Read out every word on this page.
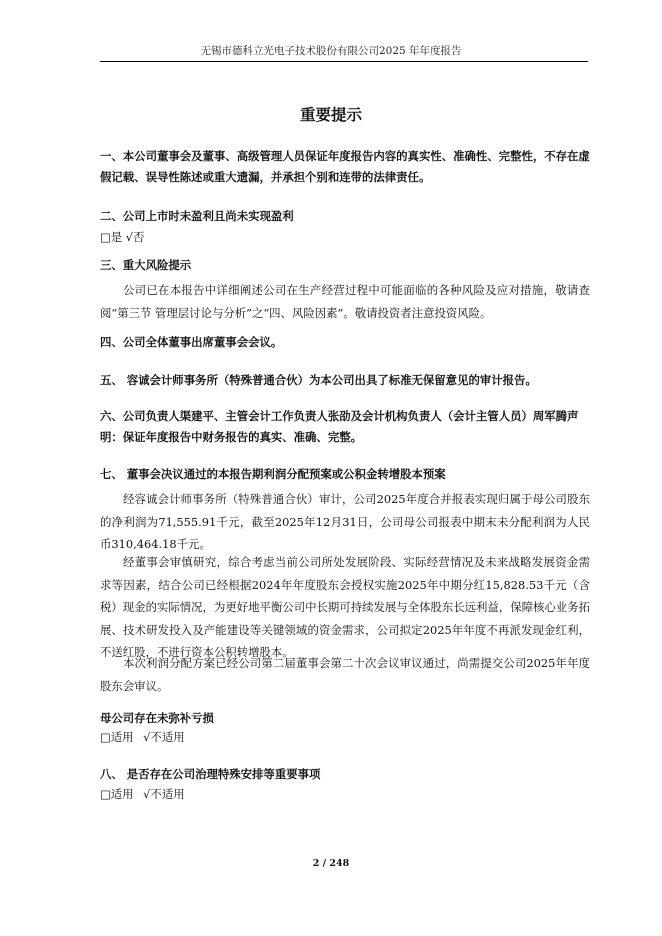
无锡市德科立光电子技术股份有限公司2025 年年度报告
重要提示
一、本公司董事会及董事、高级管理人员保证年度报告内容的真实性、准确性、完整性，不存在虚假记载、误导性陈述或重大遗漏，并承担个别和连带的法律责任。
二、公司上市时未盈利且尚未实现盈利
□是 √否
三、重大风险提示
公司已在本报告中详细阐述公司在生产经营过程中可能面临的各种风险及应对措施，敬请查阅“第三节 管理层讨论与分析”之“四、风险因素”。敬请投资者注意投资风险。
四、公司全体董事出席董事会会议。
五、 容诚会计师事务所（特殊普通合伙）为本公司出具了标准无保留意见的审计报告。
六、公司负责人渠建平、主管会计工作负责人张劭及会计机构负责人（会计主管人员）周军腾声明：保证年度报告中财务报告的真实、准确、完整。
七、 董事会决议通过的本报告期利润分配预案或公积金转增股本预案
经容诚会计师事务所（特殊普通合伙）审计，公司2025年度合并报表实现归属于母公司股东的净利润为71,555.91千元，截至2025年12月31日，公司母公司报表中期末未分配利润为人民币310,464.18千元。
经董事会审慎研究，综合考虑当前公司所处发展阶段、实际经营情况及未来战略发展资金需求等因素，结合公司已经根据2024年年度股东会授权实施2025年中期分红15,828.53千元（含税）现金的实际情况，为更好地平衡公司中长期可持续发展与全体股东长远利益，保障核心业务拓展、技术研发投入及产能建设等关键领域的资金需求，公司拟定2025年年度不再派发现金红利，不送红股，不进行资本公积转增股本。
本次利润分配方案已经公司第二届董事会第二十次会议审议通过，尚需提交公司2025年年度股东会审议。
母公司存在未弥补亏损
□适用 √不适用
八、 是否存在公司治理特殊安排等重要事项
□适用 √不适用
2 / 248
